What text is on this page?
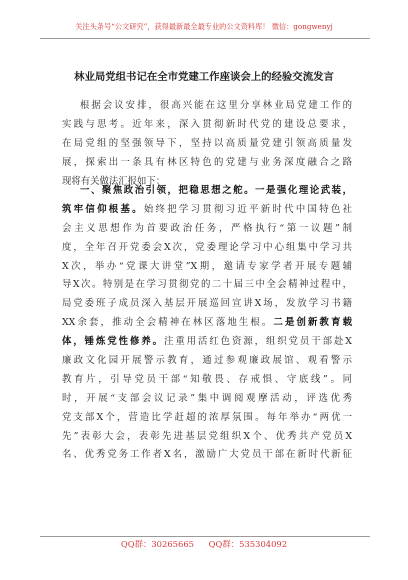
关注头条号“公文研究”，获得最新最全最专业的公文资料库！ 微信：gongwenyj
林业局党组书记在全市党建工作座谈会上的经验交流发言
根据会议安排，很高兴能在这里分享林业局党建工作的
实践与思考。近年来，深入贯彻新时代党的建设总要求，
在局党组的坚强领导下，坚持以高质量党建引领高质量发
展，探索出一条具有林区特色的党建与业务深度融合之路
现将有关做法汇报如下：
一、聚焦政治引领，把稳思想之舵。一是强化理论武装，
筑牢信仰根基。始终把学习贯彻习近平新时代中国特色社
会主义思想作为首要政治任务，严格执行“第一议题”制
度，全年召开党委会X次，党委理论学习中心组集中学习共
X次，举办“党课大讲堂”X期，邀请专家学者开展专题辅
导X次。特别是在学习贯彻党的二十届三中全会精神过程中，
局党委班子成员深入基层开展巡回宣讲X场，发放学习书籍
XX余套，推动全会精神在林区落地生根。二是创新教育载
体，锤炼党性修养。注重用活红色资源，组织党员干部赴X
廉政文化园开展警示教育，通过参观廉政展馆、观看警示
教育片，引导党员干部“知敬畏、存戒惧、守底线”。同
时，开展“支部会议记录”集中调阅观摩活动，评选优秀
党支部X个，营造比学赶超的浓厚氛围。每年举办“两优一
先”表彰大会，表彰先进基层党组织X个、优秀共产党员X
名、优秀党务工作者X名，激励广大党员干部在新时代新征
QQ群：30265665 QQ群：535304092
